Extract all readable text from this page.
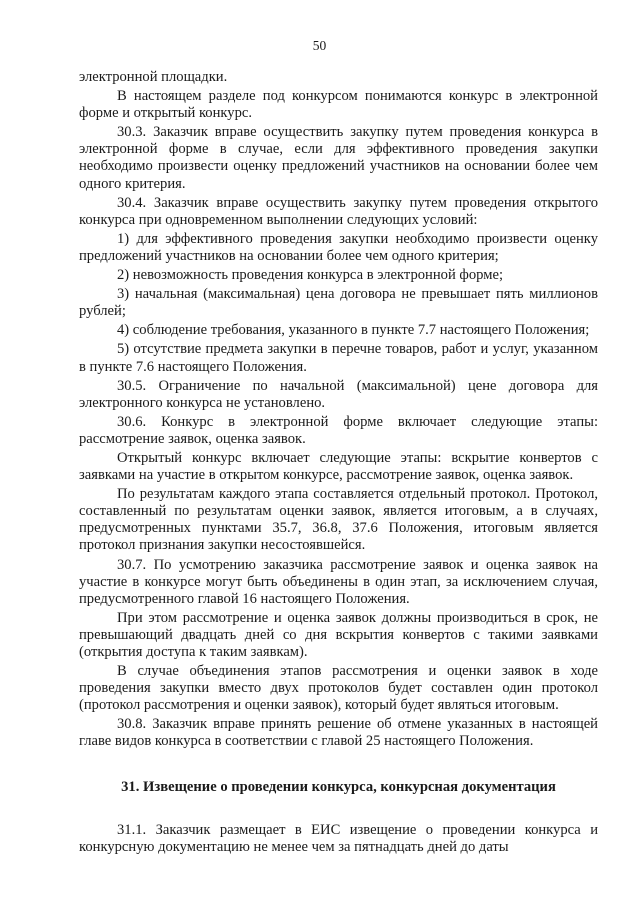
50

электронной площадки.

В настоящем разделе под конкурсом понимаются конкурс в электронной форме и открытый конкурс.

30.3. Заказчик вправе осуществить закупку путем проведения конкурса в электронной форме в случае, если для эффективного проведения закупки необходимо произвести оценку предложений участников на основании более чем одного критерия.

30.4. Заказчик вправе осуществить закупку путем проведения открытого конкурса при одновременном выполнении следующих условий:

1) для эффективного проведения закупки необходимо произвести оценку предложений участников на основании более чем одного критерия;

2) невозможность проведения конкурса в электронной форме;

3) начальная (максимальная) цена договора не превышает пять миллионов рублей;

4) соблюдение требования, указанного в пункте 7.7 настоящего Положения;

5) отсутствие предмета закупки в перечне товаров, работ и услуг, указанном в пункте 7.6 настоящего Положения.

30.5. Ограничение по начальной (максимальной) цене договора для электронного конкурса не установлено.

30.6. Конкурс в электронной форме включает следующие этапы: рассмотрение заявок, оценка заявок.

Открытый конкурс включает следующие этапы: вскрытие конвертов с заявками на участие в открытом конкурсе, рассмотрение заявок, оценка заявок.

По результатам каждого этапа составляется отдельный протокол. Протокол, составленный по результатам оценки заявок, является итоговым, а в случаях, предусмотренных пунктами 35.7, 36.8, 37.6 Положения, итоговым является протокол признания закупки несостоявшейся.

30.7. По усмотрению заказчика рассмотрение заявок и оценка заявок на участие в конкурсе могут быть объединены в один этап, за исключением случая, предусмотренного главой 16 настоящего Положения.

При этом рассмотрение и оценка заявок должны производиться в срок, не превышающий двадцать дней со дня вскрытия конвертов с такими заявками (открытия доступа к таким заявкам).

В случае объединения этапов рассмотрения и оценки заявок в ходе проведения закупки вместо двух протоколов будет составлен один протокол (протокол рассмотрения и оценки заявок), который будет являться итоговым.

30.8. Заказчик вправе принять решение об отмене указанных в настоящей главе видов конкурса в соответствии с главой 25 настоящего Положения.

31. Извещение о проведении конкурса, конкурсная документация

31.1. Заказчик размещает в ЕИС извещение о проведении конкурса и конкурсную документацию не менее чем за пятнадцать дней до даты
